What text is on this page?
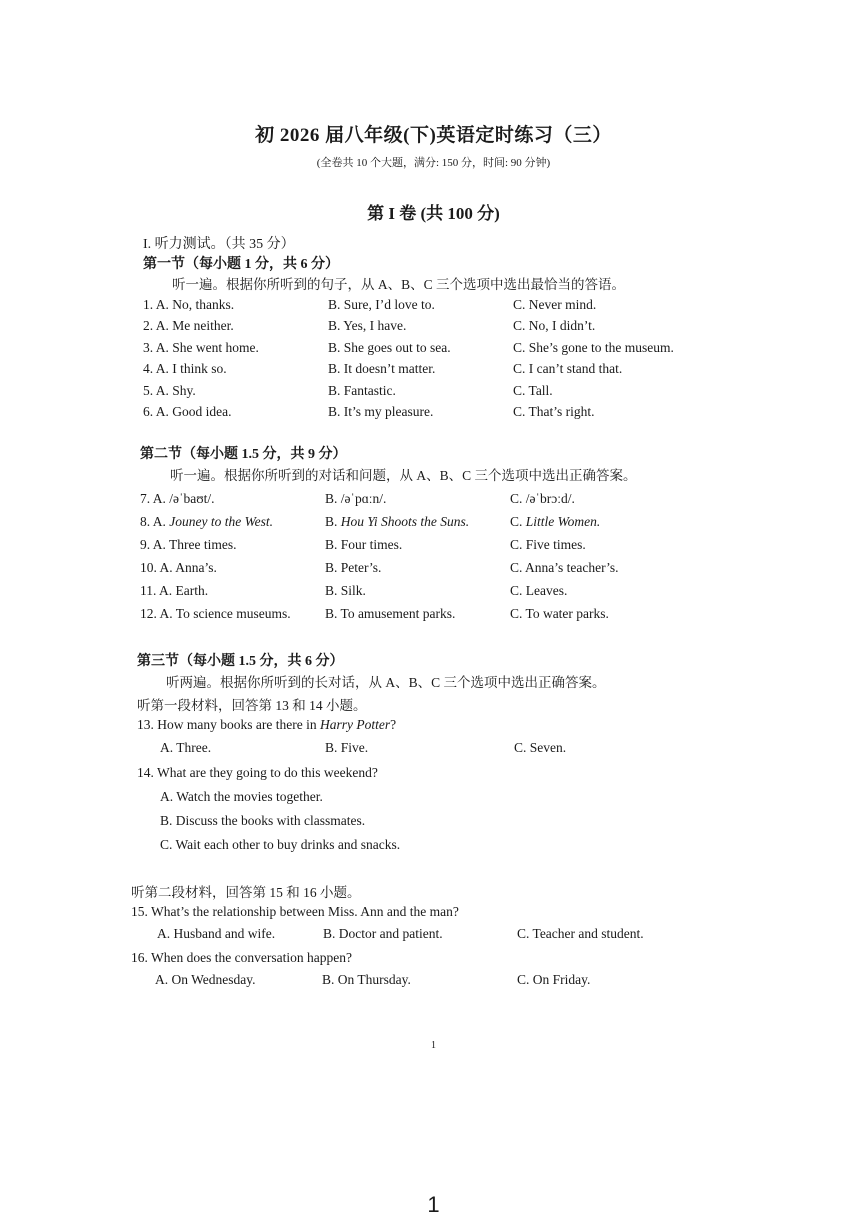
初 2026 届八年级(下)英语定时练习（三）
(全卷共 10 个大题，满分: 150 分，时间: 90 分钟)
第 I 卷 (共 100 分)
I. 听力测试。（共 35 分）
第一节（每小题 1 分，共 6 分）
听一遍。根据你所听到的句子，从 A、B、C 三个选项中选出最恰当的答语。
1. A. No, thanks.	B. Sure, I’d love to.	C. Never mind.
2. A. Me neither.	B. Yes, I have.	C. No, I didn’t.
3. A. She went home.	B. She goes out to sea.	C. She’s gone to the museum.
4. A. I think so.	B. It doesn’t matter.	C. I can’t stand that.
5. A. Shy.	B. Fantastic.	C. Tall.
6. A. Good idea.	B. It’s my pleasure.	C. That’s right.
第二节（每小题 1.5 分，共 9 分）
听一遍。根据你所听到的对话和问题，从 A、B、C 三个选项中选出正确答案。
7. A. /əˈbaʊt/.	B. /əˈpɑːn/.	C. /əˈbrɔːd/.
8. A. Jouney to the West.	B. Hou Yi Shoots the Suns.	C. Little Women.
9. A. Three times.	B. Four times.	C. Five times.
10. A. Anna’s.	B. Peter’s.	C. Anna’s teacher’s.
11. A. Earth.	B. Silk.	C. Leaves.
12. A. To science museums.	B. To amusement parks.	C. To water parks.
第三节（每小题 1.5 分，共 6 分）
听两遍。根据你所听到的长对话，从 A、B、C 三个选项中选出正确答案。
听第一段材料，回答第 13 和 14 小题。
13. How many books are there in Harry Potter?
A. Three.	B. Five.	C. Seven.
14. What are they going to do this weekend?
A. Watch the movies together.
B. Discuss the books with classmates.
C. Wait each other to buy drinks and snacks.
听第二段材料，回答第 15 和 16 小题。
15. What’s the relationship between Miss. Ann and the man?
A. Husband and wife.	B. Doctor and patient.	C. Teacher and student.
16. When does the conversation happen?
A. On Wednesday.	B. On Thursday.	C. On Friday.
1
1
